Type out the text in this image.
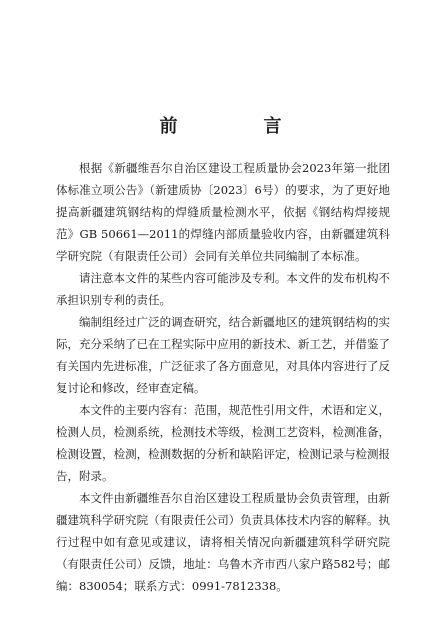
前　言

根据《新疆维吾尔自治区建设工程质量协会2023年第一批团体标准立项公告》（新建质协〔2023〕6号）的要求，为了更好地提高新疆建筑钢结构的焊缝质量检测水平，依据《钢结构焊接规范》GB 50661—2011的焊缝内部质量验收内容，由新疆建筑科学研究院（有限责任公司）会同有关单位共同编制了本标准。

请注意本文件的某些内容可能涉及专利。本文件的发布机构不承担识别专利的责任。

编制组经过广泛的调查研究，结合新疆地区的建筑钢结构的实际，充分采纳了已在工程实际中应用的新技术、新工艺，并借鉴了有关国内先进标准，广泛征求了各方面意见，对具体内容进行了反复讨论和修改，经审查定稿。

本文件的主要内容有：范围，规范性引用文件，术语和定义，检测人员，检测系统，检测技术等级，检测工艺资料，检测准备，检测设置，检测，检测数据的分析和缺陷评定，检测记录与检测报告，附录。

本文件由新疆维吾尔自治区建设工程质量协会负责管理，由新疆建筑科学研究院（有限责任公司）负责具体技术内容的解释。执行过程中如有意见或建议，请将相关情况向新疆建筑科学研究院（有限责任公司）反馈，地址：乌鲁木齐市西八家户路582号；邮编：830054；联系方式：0991-7812338。
